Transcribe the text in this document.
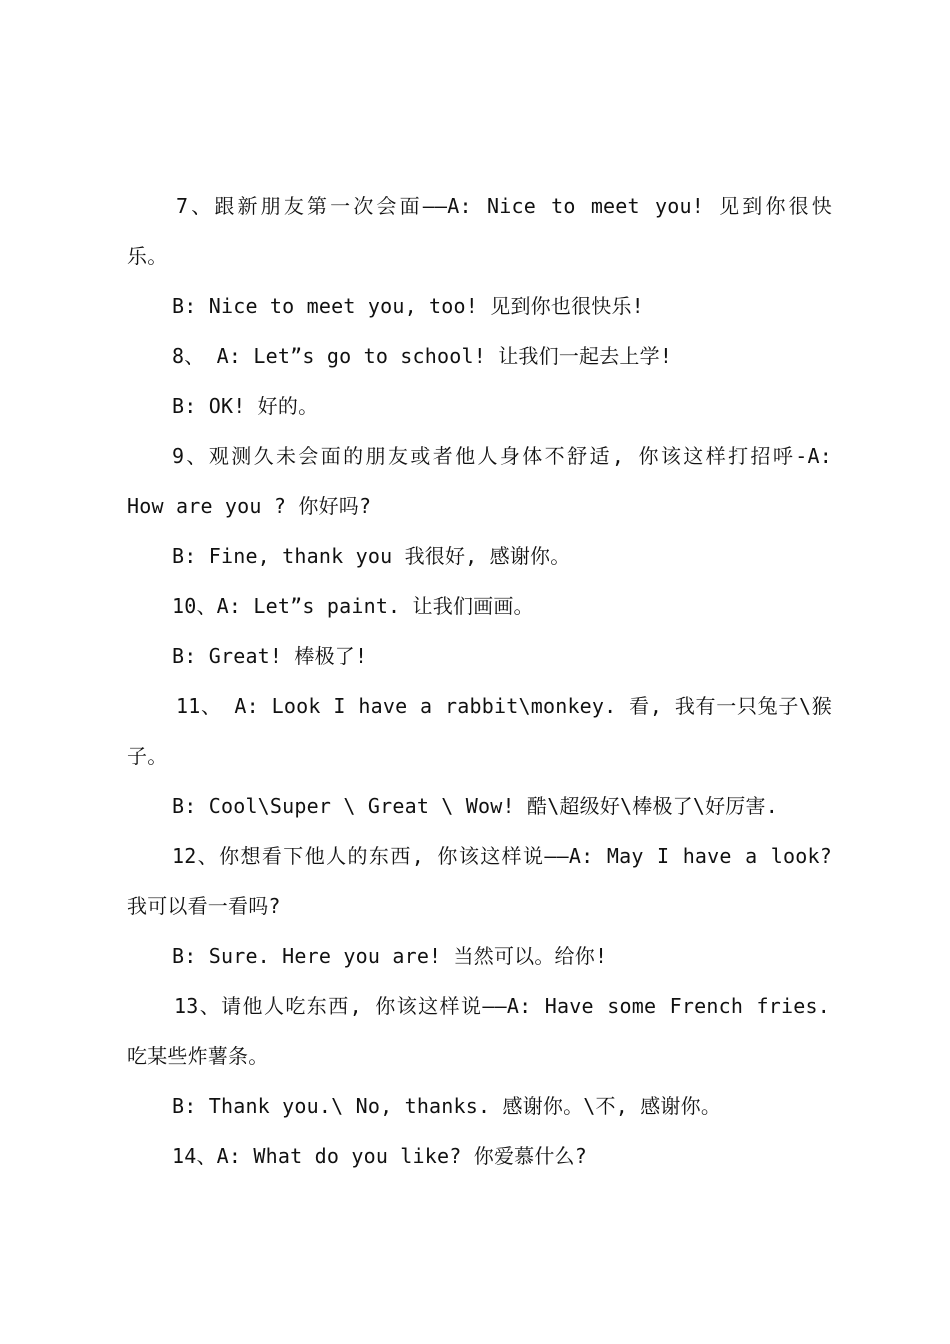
7、跟新朋友第一次会面——A: Nice to meet you! 见到你很快
乐。
B: Nice to meet you, too! 见到你也很快乐!
8、 A: Let”s go to school! 让我们一起去上学!
B: OK! 好的。
9、观测久未会面的朋友或者他人身体不舒适, 你该这样打招呼-A:
How are you ? 你好吗?
B: Fine, thank you 我很好, 感谢你。
10、A: Let”s paint. 让我们画画。
B: Great! 棒极了!
11、 A: Look I have a rabbit\monkey. 看, 我有一只兔子\猴
子。
B: Cool\Super \ Great \ Wow! 酷\超级好\棒极了\好厉害.
12、你想看下他人的东西, 你该这样说——A: May I have a look?
我可以看一看吗?
B: Sure. Here you are! 当然可以。给你!
13、请他人吃东西, 你该这样说——A: Have some French fries.
吃某些炸薯条。
B: Thank you.\ No, thanks. 感谢你。\不, 感谢你。
14、A: What do you like? 你爱慕什么?
